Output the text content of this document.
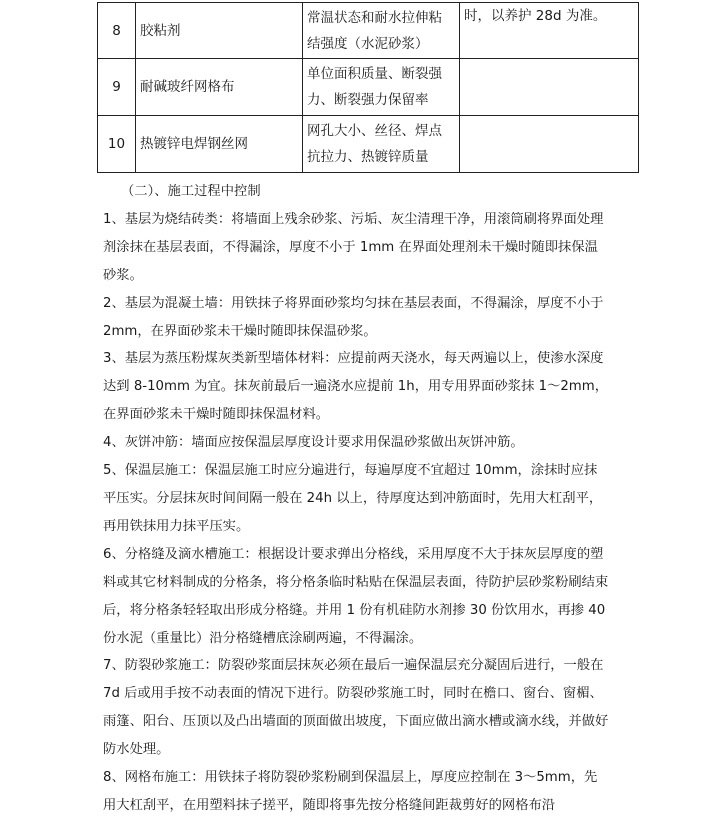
8	胶粘剂	常温状态和耐水拉伸粘结强度（水泥砂浆）	时，以养护 28d 为准。
9	耐碱玻纤网格布	单位面积质量、断裂强力、断裂强力保留率	
10	热镀锌电焊钢丝网	网孔大小、丝径、焊点抗拉力、热镀锌质量	

（二）、施工过程中控制

1、基层为烧结砖类：将墙面上残余砂浆、污垢、灰尘清理干净，用滚筒刷将界面处理剂涂抹在基层表面，不得漏涂，厚度不小于 1mm 在界面处理剂未干燥时随即抹保温砂浆。

2、基层为混凝土墙：用铁抹子将界面砂浆均匀抹在基层表面，不得漏涂，厚度不小于 2mm，在界面砂浆未干燥时随即抹保温砂浆。

3、基层为蒸压粉煤灰类新型墙体材料：应提前两天浇水，每天两遍以上，使渗水深度达到 8-10mm 为宜。抹灰前最后一遍浇水应提前 1h，用专用界面砂浆抹 1～2mm，在界面砂浆未干燥时随即抹保温材料。

4、灰饼冲筋：墙面应按保温层厚度设计要求用保温砂浆做出灰饼冲筋。

5、保温层施工：保温层施工时应分遍进行，每遍厚度不宜超过 10mm，涂抹时应抹平压实。分层抹灰时间间隔一般在 24h 以上，待厚度达到冲筋面时，先用大杠刮平，再用铁抹用力抹平压实。

6、分格缝及滴水槽施工：根据设计要求弹出分格线，采用厚度不大于抹灰层厚度的塑料或其它材料制成的分格条，将分格条临时粘贴在保温层表面，待防护层砂浆粉刷结束后，将分格条轻轻取出形成分格缝。并用 1 份有机硅防水剂掺 30 份饮用水，再掺 40 份水泥（重量比）沿分格缝槽底涂刷两遍，不得漏涂。

7、防裂砂浆施工：防裂砂浆面层抹灰必须在最后一遍保温层充分凝固后进行，一般在 7d 后或用手按不动表面的情况下进行。防裂砂浆施工时，同时在檐口、窗台、窗楣、雨篷、阳台、压顶以及凸出墙面的顶面做出坡度，下面应做出滴水槽或滴水线，并做好防水处理。

8、网格布施工：用铁抹子将防裂砂浆粉刷到保温层上，厚度应控制在 3～5mm，先用大杠刮平，在用塑料抹子搓平，随即将事先按分格缝间距裁剪好的网格布沿
